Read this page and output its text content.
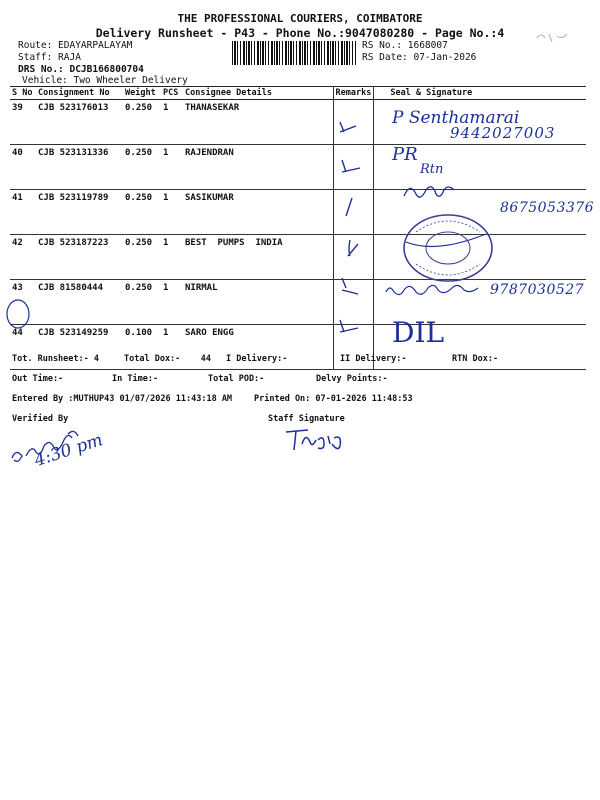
THE PROFESSIONAL COURIERS, COIMBATORE
Delivery Runsheet - P43 - Phone No.:9047080280 - Page No.:4
Route: EDAYARPALAYAM
Staff: RAJA
DRS No.: DCJB166800704
Vehicle: Two Wheeler Delivery
RS No.: 1668007
RS Date: 07-Jan-2026
S No	Consignment No	Weight	PCS	Consignee Details	Remarks	Seal & Signature
39	CJB 523176013	0.250	1	THANASEKAR		
40	CJB 523131336	0.250	1	RAJENDRAN		
41	CJB 523119789	0.250	1	SASIKUMAR		
42	CJB 523187223	0.250	1	BEST  PUMPS  INDIA		
43	CJB 81580444	0.250	1	NIRMAL		
44	CJB 523149259	0.100	1	SARO ENGG		
P Senthamarai
9442027003
PR
Rtn
8675053376
9787030527
DIL
Tot. Runsheet:- 4	Total Dox:-    44 I Delivery:-	II Delivery:-	RTN Dox:-
Out Time:-	In Time:-	Total POD:-	Delvy Points:-
Entered By :MUTHUP43 01/07/2026 11:43:18 AM	Printed On: 07-01-2026 11:48:53
Verified By	Staff Signature
4:30 pm
